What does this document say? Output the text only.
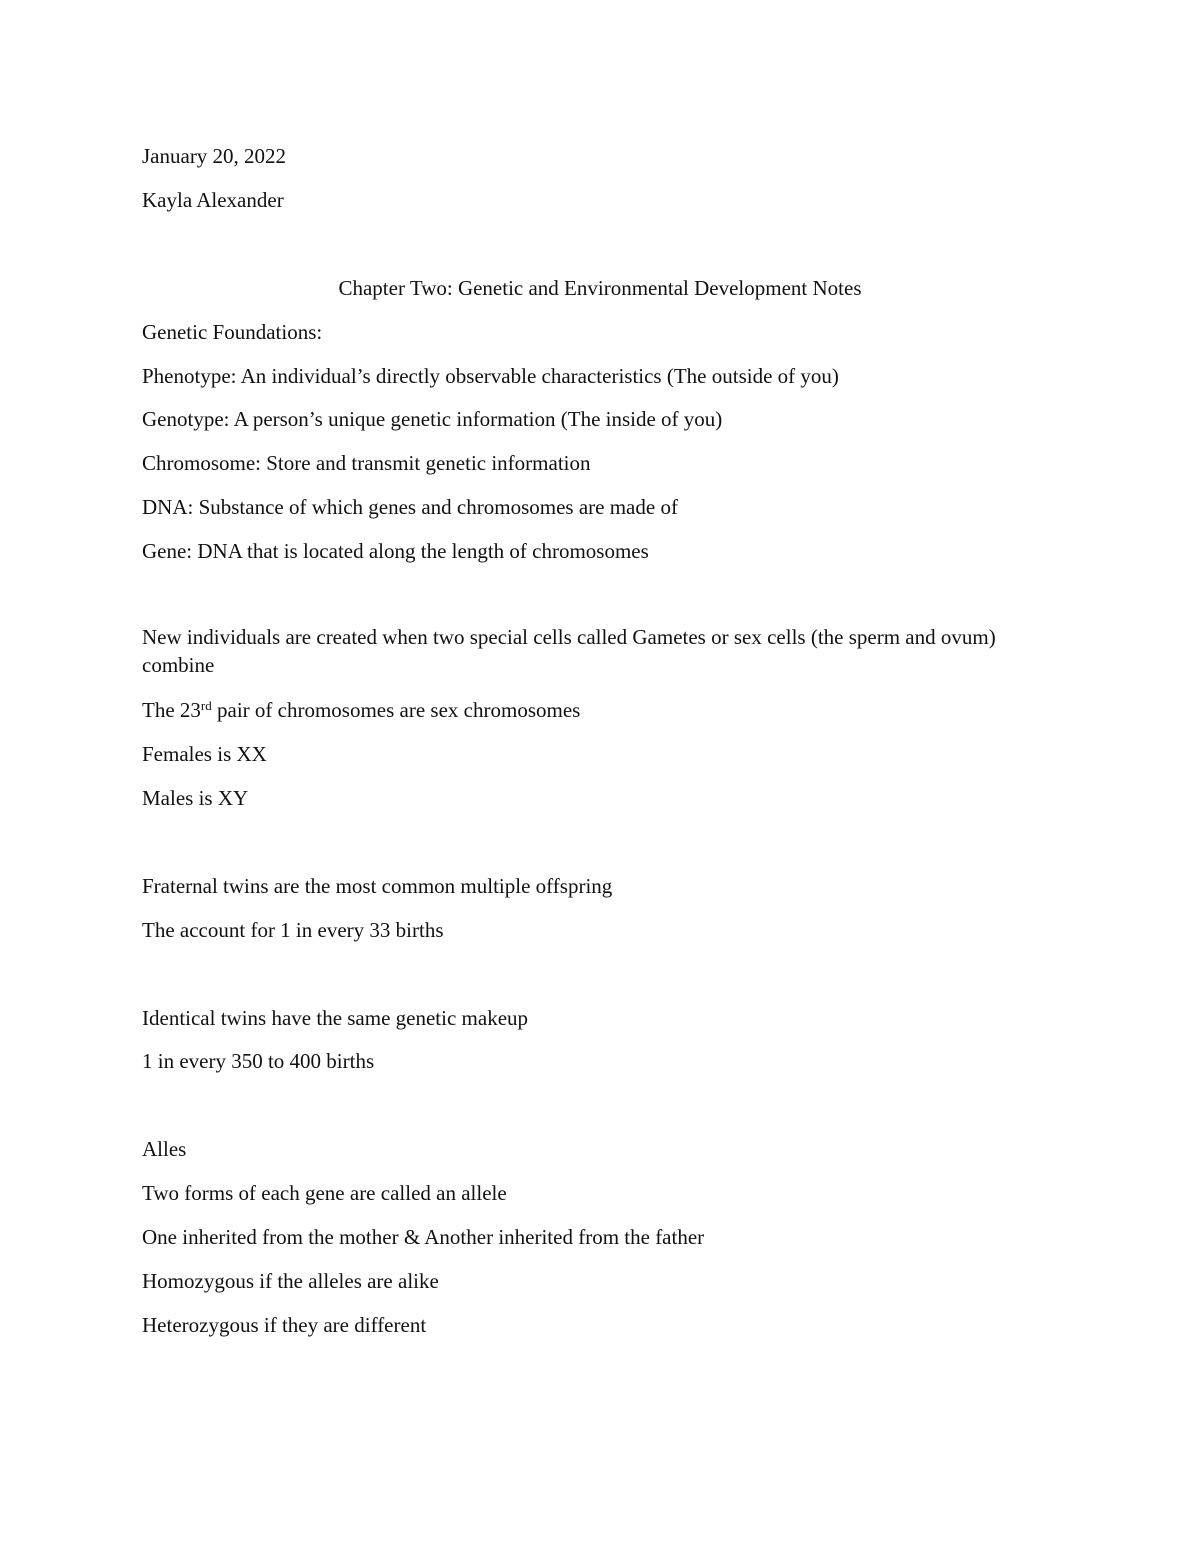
January 20, 2022
Kayla Alexander
Chapter Two: Genetic and Environmental Development Notes
Genetic Foundations:
Phenotype: An individual’s directly observable characteristics (The outside of you)
Genotype: A person’s unique genetic information (The inside of you)
Chromosome: Store and transmit genetic information
DNA: Substance of which genes and chromosomes are made of
Gene: DNA that is located along the length of chromosomes
New individuals are created when two special cells called Gametes or sex cells (the sperm and ovum) combine
The 23rd pair of chromosomes are sex chromosomes
Females is XX
Males is XY
Fraternal twins are the most common multiple offspring
The account for 1 in every 33 births
Identical twins have the same genetic makeup
1 in every 350 to 400 births
Alles
Two forms of each gene are called an allele
One inherited from the mother & Another inherited from the father
Homozygous if the alleles are alike
Heterozygous if they are different
